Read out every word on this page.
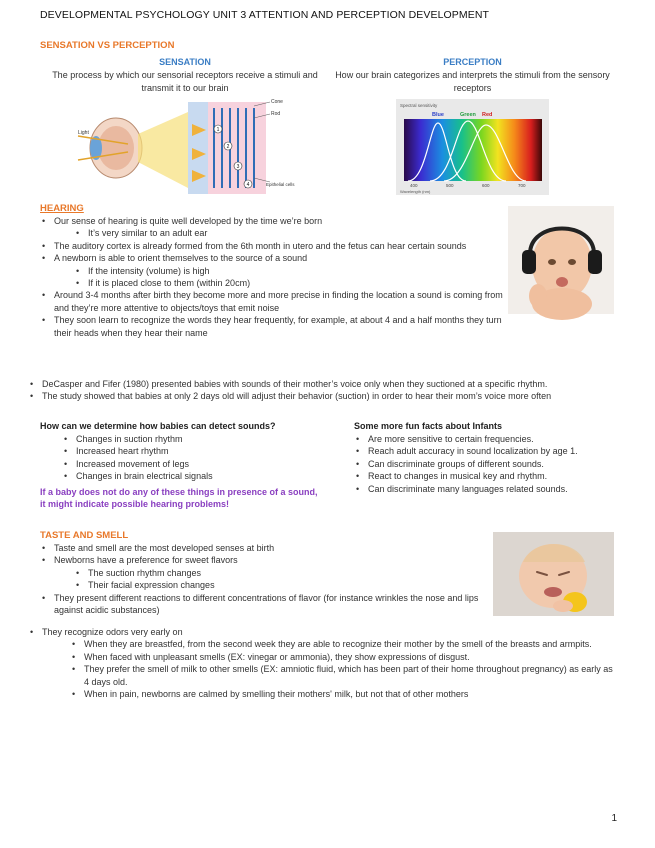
DEVELOPMENTAL PSYCHOLOGY UNIT 3 ATTENTION AND PERCEPTION DEVELOPMENT
SENSATION VS PERCEPTION
SENSATION
The process by which our sensorial receptors receive a stimuli and transmit it to our brain
PERCEPTION
How our brain categorizes and interprets the stimuli from the sensory receptors
1
2
3
4
Cone
Rod
Light
Epithelial cells
Spectral sensitivity
Blue	Green Red
400	500	600	700
Wavelength (nm)
HEARING
• Our sense of hearing is quite well developed by the time we’re born
• It’s very similar to an adult ear
• The auditory cortex is already formed from the 6th month in utero and the fetus can hear certain sounds
• A newborn is able to orient themselves to the source of a sound
• If the intensity (volume) is high
• If it is placed close to them (within 20cm)
• Around 3-4 months after birth they become more and more precise in finding the location a sound is coming from and they’re more attentive to objects/toys that emit noise
• They soon learn to recognize the words they hear frequently, for example, at about 4 and a half months they turn their heads when they hear their name
• DeCasper and Fifer (1980) presented babies with sounds of their mother’s voice only when they suctioned at a specific rhythm.
• The study showed that babies at only 2 days old will adjust their behavior (suction) in order to hear their mom’s voice more often
How can we determine how babies can detect sounds?
• Changes in suction rhythm
• Increased heart rhythm
• Increased movement of legs
• Changes in brain electrical signals
If a baby does not do any of these things in presence of a sound, it might indicate possible hearing problems!
Some more fun facts about Infants
• Are more sensitive to certain frequencies.
• Reach adult accuracy in sound localization by age 1.
• Can discriminate groups of different sounds.
• React to changes in musical key and rhythm.
• Can discriminate many languages related sounds.
TASTE AND SMELL
• Taste and smell are the most developed senses at birth
• Newborns have a preference for sweet flavors
• The suction rhythm changes
• Their facial expression changes
• They present different reactions to different concentrations of flavor (for instance wrinkles the nose and lips against acidic substances)
• They recognize odors very early on
• When they are breastfed, from the second week they are able to recognize their mother by the smell of the breasts and armpits.
• When faced with unpleasant smells (EX: vinegar or ammonia), they show expressions of disgust.
• They prefer the smell of milk to other smells (EX: amniotic fluid, which has been part of their home throughout pregnancy) as early as 4 days old.
• When in pain, newborns are calmed by smelling their mothers' milk, but not that of other mothers
1
